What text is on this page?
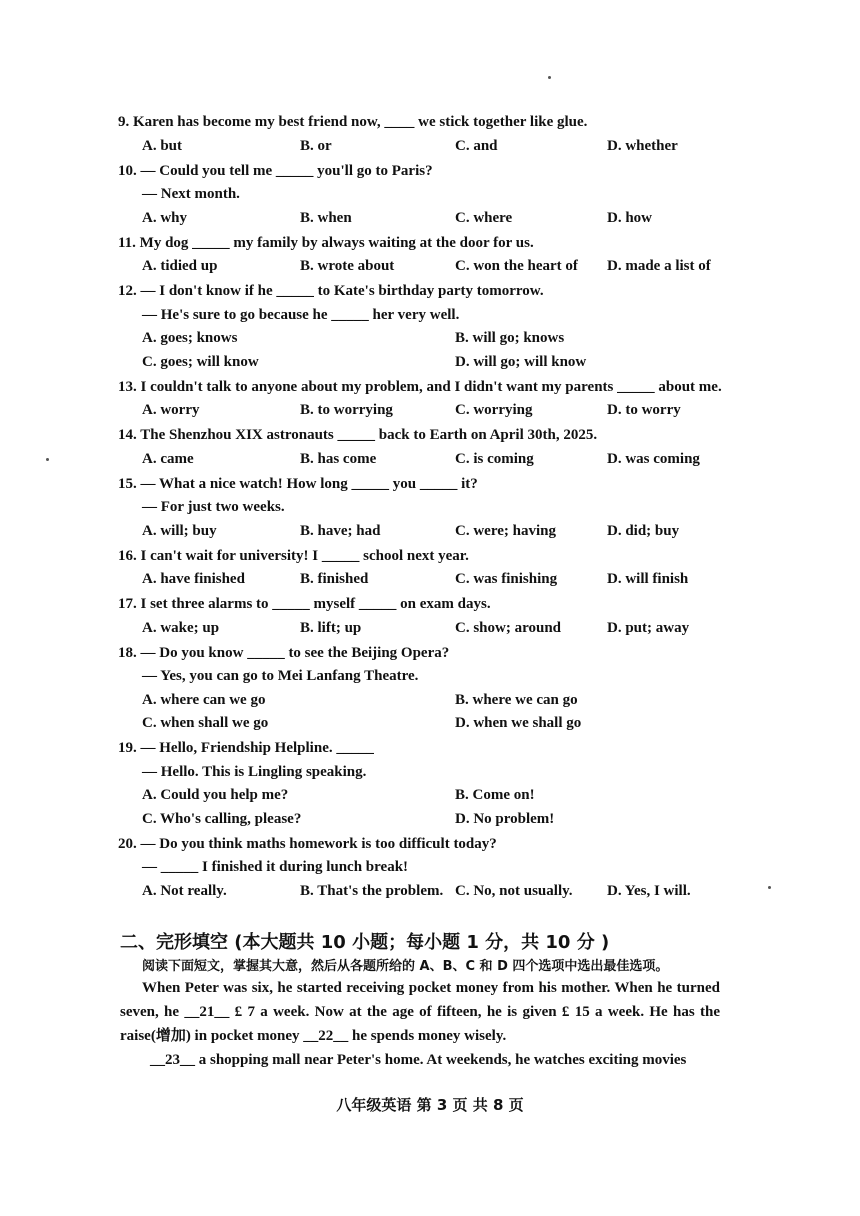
9. Karen has become my best friend now, ____ we stick together like glue.
A. but	B. or	C. and	D. whether
10. — Could you tell me _____ you'll go to Paris?
— Next month.
A. why	B. when	C. where	D. how
11. My dog _____ my family by always waiting at the door for us.
A. tidied up	B. wrote about	C. won the heart of D. made a list of
12. — I don't know if he _____ to Kate's birthday party tomorrow.
— He's sure to go because he _____ her very well.
A. goes; knows	B. will go; knows
C. goes; will know	D. will go; will know
13. I couldn't talk to anyone about my problem, and I didn't want my parents _____ about me.
A. worry	B. to worrying	C. worrying	D. to worry
14. The Shenzhou XIX astronauts _____ back to Earth on April 30th, 2025.
A. came	B. has come	C. is coming	D. was coming
15. — What a nice watch! How long _____ you _____ it?
— For just two weeks.
A. will; buy	B. have; had	C. were; having	D. did; buy
16. I can't wait for university! I _____ school next year.
A. have finished	B. finished	C. was finishing	D. will finish
17. I set three alarms to _____ myself _____ on exam days.
A. wake; up	B. lift; up	C. show; around	D. put; away
18. — Do you know _____ to see the Beijing Opera?
— Yes, you can go to Mei Lanfang Theatre.
A. where can we go	B. where we can go
C. when shall we go	D. when we shall go
19. — Hello, Friendship Helpline. _____
— Hello. This is Lingling speaking.
A. Could you help me?	B. Come on!
C. Who's calling, please?	D. No problem!
20. — Do you think maths homework is too difficult today?
— _____ I finished it during lunch break!
A. Not really.	B. That's the problem. C. No, not usually. D. Yes, I will.
二、完形填空 (本大题共 10 小题；每小题 1 分，共 10 分 )
阅读下面短文，掌握其大意，然后从各题所给的 A、B、C 和 D 四个选项中选出最佳选项。
When Peter was six, he started receiving pocket money from his mother. When he turned seven, he __21__ £ 7 a week. Now at the age of fifteen, he is given £ 15 a week. He has the raise(增加) in pocket money __22__ he spends money wisely.
__23__ a shopping mall near Peter's home. At weekends, he watches exciting movies
八年级英语 第 3 页 共 8 页
